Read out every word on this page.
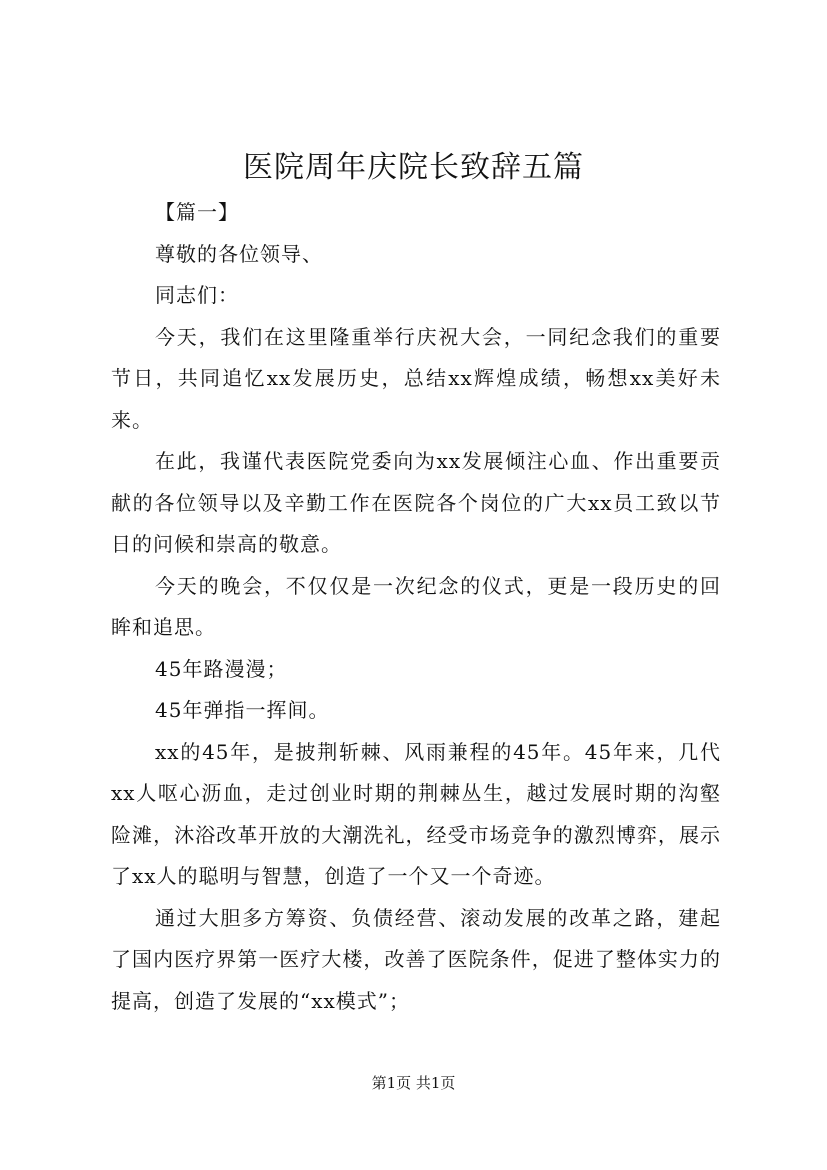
医院周年庆院长致辞五篇

【篇一】

尊敬的各位领导、

同志们：

今天，我们在这里隆重举行庆祝大会，一同纪念我们的重要节日，共同追忆xx发展历史，总结xx辉煌成绩，畅想xx美好未来。

在此，我谨代表医院党委向为xx发展倾注心血、作出重要贡献的各位领导以及辛勤工作在医院各个岗位的广大xx员工致以节日的问候和崇高的敬意。

今天的晚会，不仅仅是一次纪念的仪式，更是一段历史的回眸和追思。

45年路漫漫；

45年弹指一挥间。

xx的45年，是披荆斩棘、风雨兼程的45年。45年来，几代xx人呕心沥血，走过创业时期的荆棘丛生，越过发展时期的沟壑险滩，沐浴改革开放的大潮洗礼，经受市场竞争的激烈博弈，展示了xx人的聪明与智慧，创造了一个又一个奇迹。

通过大胆多方筹资、负债经营、滚动发展的改革之路，建起了国内医疗界第一医疗大楼，改善了医院条件，促进了整体实力的提高，创造了发展的“xx模式”；

第1页 共1页
